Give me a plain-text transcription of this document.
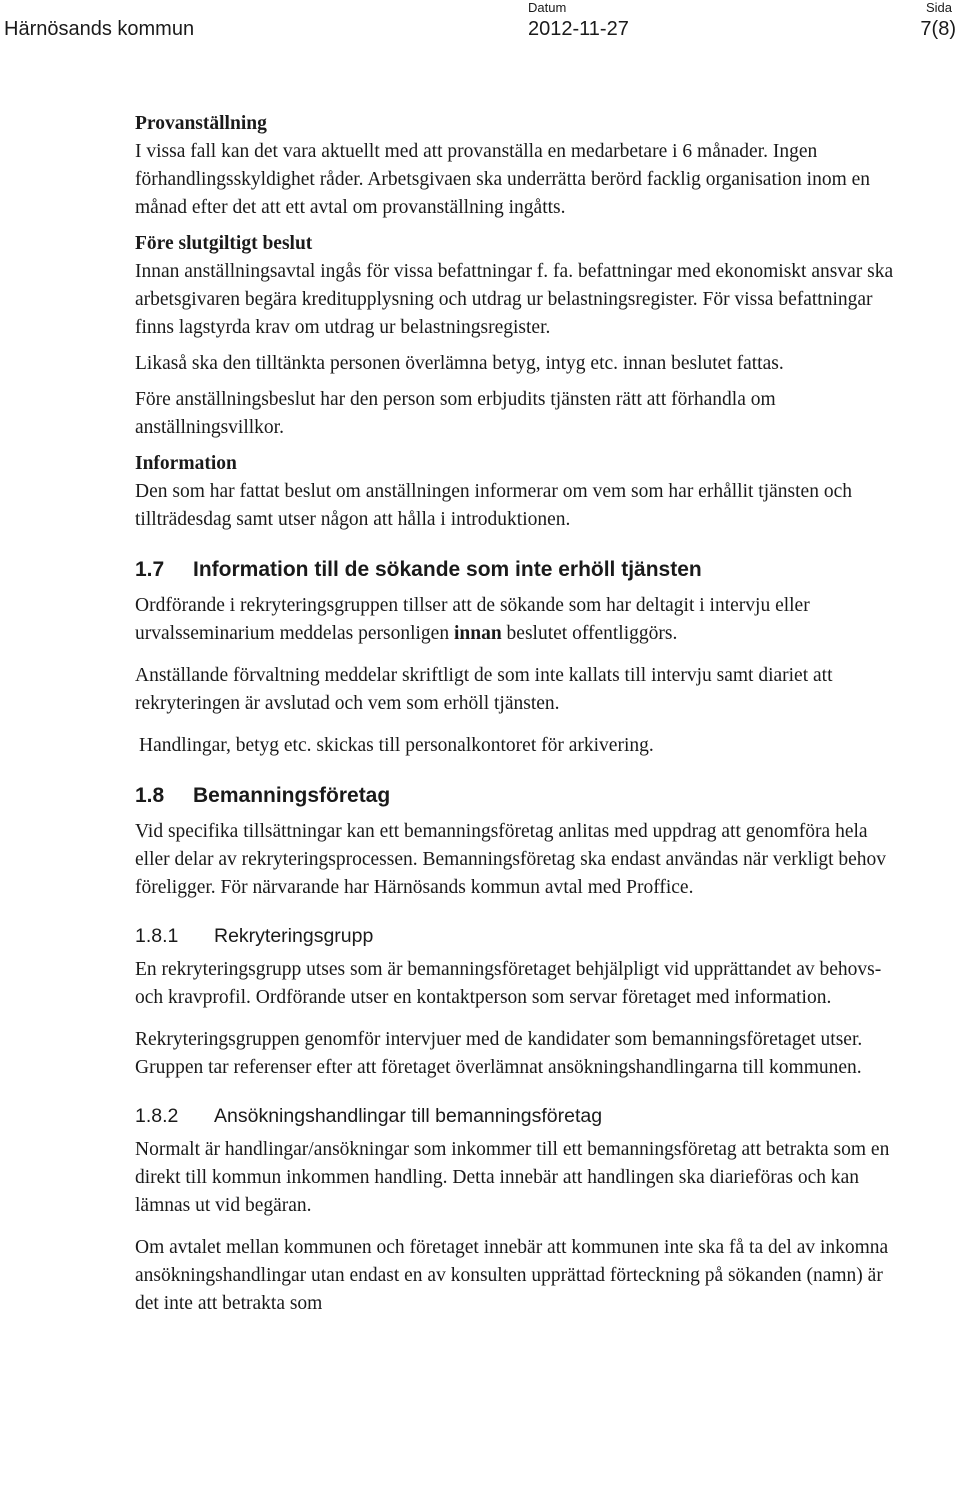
Härnösands kommun
Datum
2012-11-27
Sida
7(8)

Provanställning

I vissa fall kan det vara aktuellt med att provanställa en medarbetare i 6 månader. Ingen förhandlingsskyldighet råder. Arbetsgivaen ska underrätta berörd facklig organisation inom en månad efter det att ett avtal om provanställning ingåtts.

Före slutgiltigt beslut

Innan anställningsavtal ingås för vissa befattningar f. fa. befattningar med ekonomiskt ansvar ska arbetsgivaren begära kreditupplysning och utdrag ur belastningsregister. För vissa befattningar finns lagstyrda krav om utdrag ur belastningsregister.

Likaså ska den tilltänkta personen överlämna betyg, intyg etc. innan beslutet fattas.

Före anställningsbeslut har den person som erbjudits tjänsten rätt att förhandla om anställningsvillkor.

Information

Den som har fattat beslut om anställningen informerar om vem som har erhållit tjänsten och tillträdesdag samt utser någon att hålla i introduktionen.

1.7 Information till de sökande som inte erhöll tjänsten

Ordförande i rekryteringsgruppen tillser att de sökande som har deltagit i intervju eller urvalsseminarium meddelas personligen innan beslutet offentliggörs.

Anställande förvaltning meddelar skriftligt de som inte kallats till intervju samt diariet att rekryteringen är avslutad och vem som erhöll tjänsten.

Handlingar, betyg etc. skickas till personalkontoret för arkivering.

1.8 Bemanningsföretag

Vid specifika tillsättningar kan ett bemanningsföretag anlitas med uppdrag att genomföra hela eller delar av rekryteringsprocessen. Bemanningsföretag ska endast användas när verkligt behov föreligger. För närvarande har Härnösands kommun avtal med Proffice.

1.8.1 Rekryteringsgrupp

En rekryteringsgrupp utses som är bemanningsföretaget behjälpligt vid upprättandet av behovs- och kravprofil. Ordförande utser en kontaktperson som servar företaget med information.

Rekryteringsgruppen genomför intervjuer med de kandidater som bemanningsföretaget utser. Gruppen tar referenser efter att företaget överlämnat ansökningshandlingarna till kommunen.

1.8.2 Ansökningshandlingar till bemanningsföretag

Normalt är handlingar/ansökningar som inkommer till ett bemanningsföretag att betrakta som en direkt till kommun inkommen handling. Detta innebär att handlingen ska diarieföras och kan lämnas ut vid begäran.

Om avtalet mellan kommunen och företaget innebär att kommunen inte ska få ta del av inkomna ansökningshandlingar utan endast en av konsulten upprättad förteckning på sökanden (namn) är det inte att betrakta som
